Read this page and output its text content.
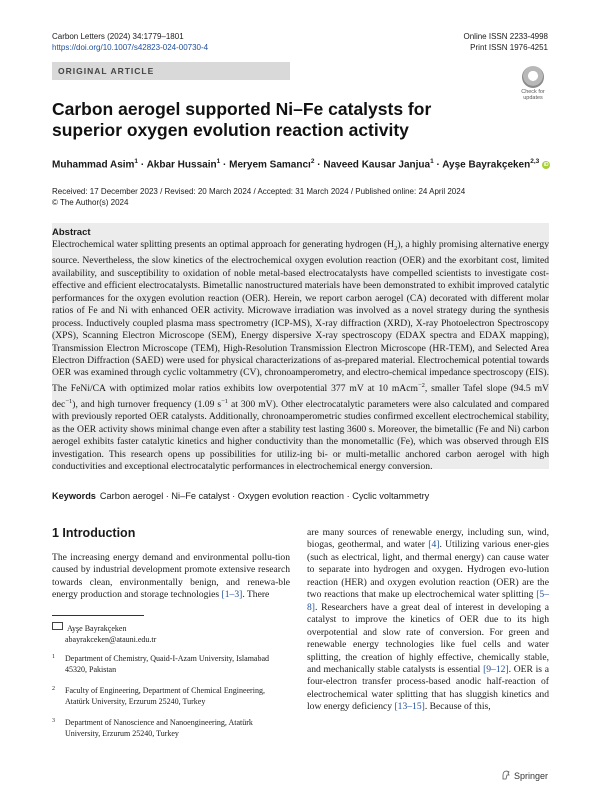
Carbon Letters (2024) 34:1779–1801
https://doi.org/10.1007/s42823-024-00730-4
Online ISSN 2233-4998
Print ISSN 1976-4251
ORIGINAL ARTICLE
Check for
updates
Carbon aerogel supported Ni–Fe catalysts for superior oxygen evolution reaction activity
Muhammad Asim$^1$ · Akbar Hussain$^1$ · Meryem Samancı$^2$ · Naveed Kausar Janjua$^1$ · Ayşe Bayrakçeken$^{2,3}$ iD
Received: 17 December 2023 / Revised: 20 March 2024 / Accepted: 31 March 2024 / Published online: 24 April 2024
© The Author(s) 2024
Abstract
Electrochemical water splitting presents an optimal approach for generating hydrogen $(H_2)$, a highly promising alternative energy source. Nevertheless, the slow kinetics of the electrochemical oxygen evolution reaction (OER) and the exorbitant cost, limited availability, and susceptibility to oxidation of noble metal-based electrocatalysts have compelled scientists to investigate cost-effective and efficient electrocatalysts. Bimetallic nanostructured materials have been demonstrated to exhibit improved catalytic performances for the oxygen evolution reaction (OER). Herein, we report carbon aerogel (CA) decorated with different molar ratios of Fe and Ni with enhanced OER activity. Microwave irradiation was involved as a novel strategy during the synthesis process. Inductively coupled plasma mass spectrometry (ICP-MS), X-ray diffraction (XRD), X-ray Photoelectron Spectroscopy (XPS), Scanning Electron Microscope (SEM), Energy dispersive X-ray spectroscopy (EDAX spectra and EDAX mapping), Transmission Electron Microscope (TEM), High-Resolution Transmission Electron Microscope (HR-TEM), and Selected Area Electron Diffraction (SAED) were used for physical characterizations of as-prepared material. Electrochemical potential towards OER was examined through cyclic voltammetry (CV), chronoamperometry, and electro-chemical impedance spectroscopy (EIS). The FeNi/CA with optimized molar ratios exhibits low overpotential 377 mV at 10 mAcm$^{-2}$, smaller Tafel slope (94.5 mV dec$^{-1}$), and high turnover frequency (1.09 $s^{-1}$ at 300 mV). Other electrocatalytic parameters were also calculated and compared with previously reported OER catalysts. Additionally, chronoamperometric studies confirmed excellent electrochemical stability, as the OER activity shows minimal change even after a stability test lasting 3600 s. Moreover, the bimetallic (Fe and Ni) carbon aerogel exhibits faster catalytic kinetics and higher conductivity than the monometallic (Fe), which was observed through EIS investigation. This research opens up possibilities for utiliz-ing bi- or multi-metallic anchored carbon aerogel with high conductivities and exceptional electrocatalytic performances in electrochemical energy conversion.
Keywords Carbon aerogel · Ni–Fe catalyst · Oxygen evolution reaction · Cyclic voltammetry
1 Introduction
The increasing energy demand and environmental pollu-tion caused by industrial development promote extensive research towards clean, environmentally benign, and renewa-ble energy production and storage technologies [1–3]. There
are many sources of renewable energy, including sun, wind, biogas, geothermal, and water [4]. Utilizing various ener-gies (such as electrical, light, and thermal energy) can cause water to separate into hydrogen and oxygen. Hydrogen evo-lution reaction (HER) and oxygen evolution reaction (OER) are the two reactions that make up electrochemical water splitting [5–8]. Researchers have a great deal of interest in developing a catalyst to improve the kinetics of OER due to its high overpotential and slow rate of conversion. For green and renewable energy technologies like fuel cells and water splitting, the creation of highly effective, chemically stable, and mechanically stable catalysts is essential [9–12]. OER is a four-electron transfer process-based anodic half-reaction of electrochemical water splitting that has sluggish kinetics and low energy deficiency [13–15]. Because of this,
Ayşe Bayrakçeken
abayrakceken@atauni.edu.tr
1	Department of Chemistry, Quaid-I-Azam University, Islamabad 45320, Pakistan
2	Faculty of Engineering, Department of Chemical Engineering, Atatürk University, Erzurum 25240, Turkey
3	Department of Nanoscience and Nanoengineering, Atatürk University, Erzurum 25240, Turkey
Springer
